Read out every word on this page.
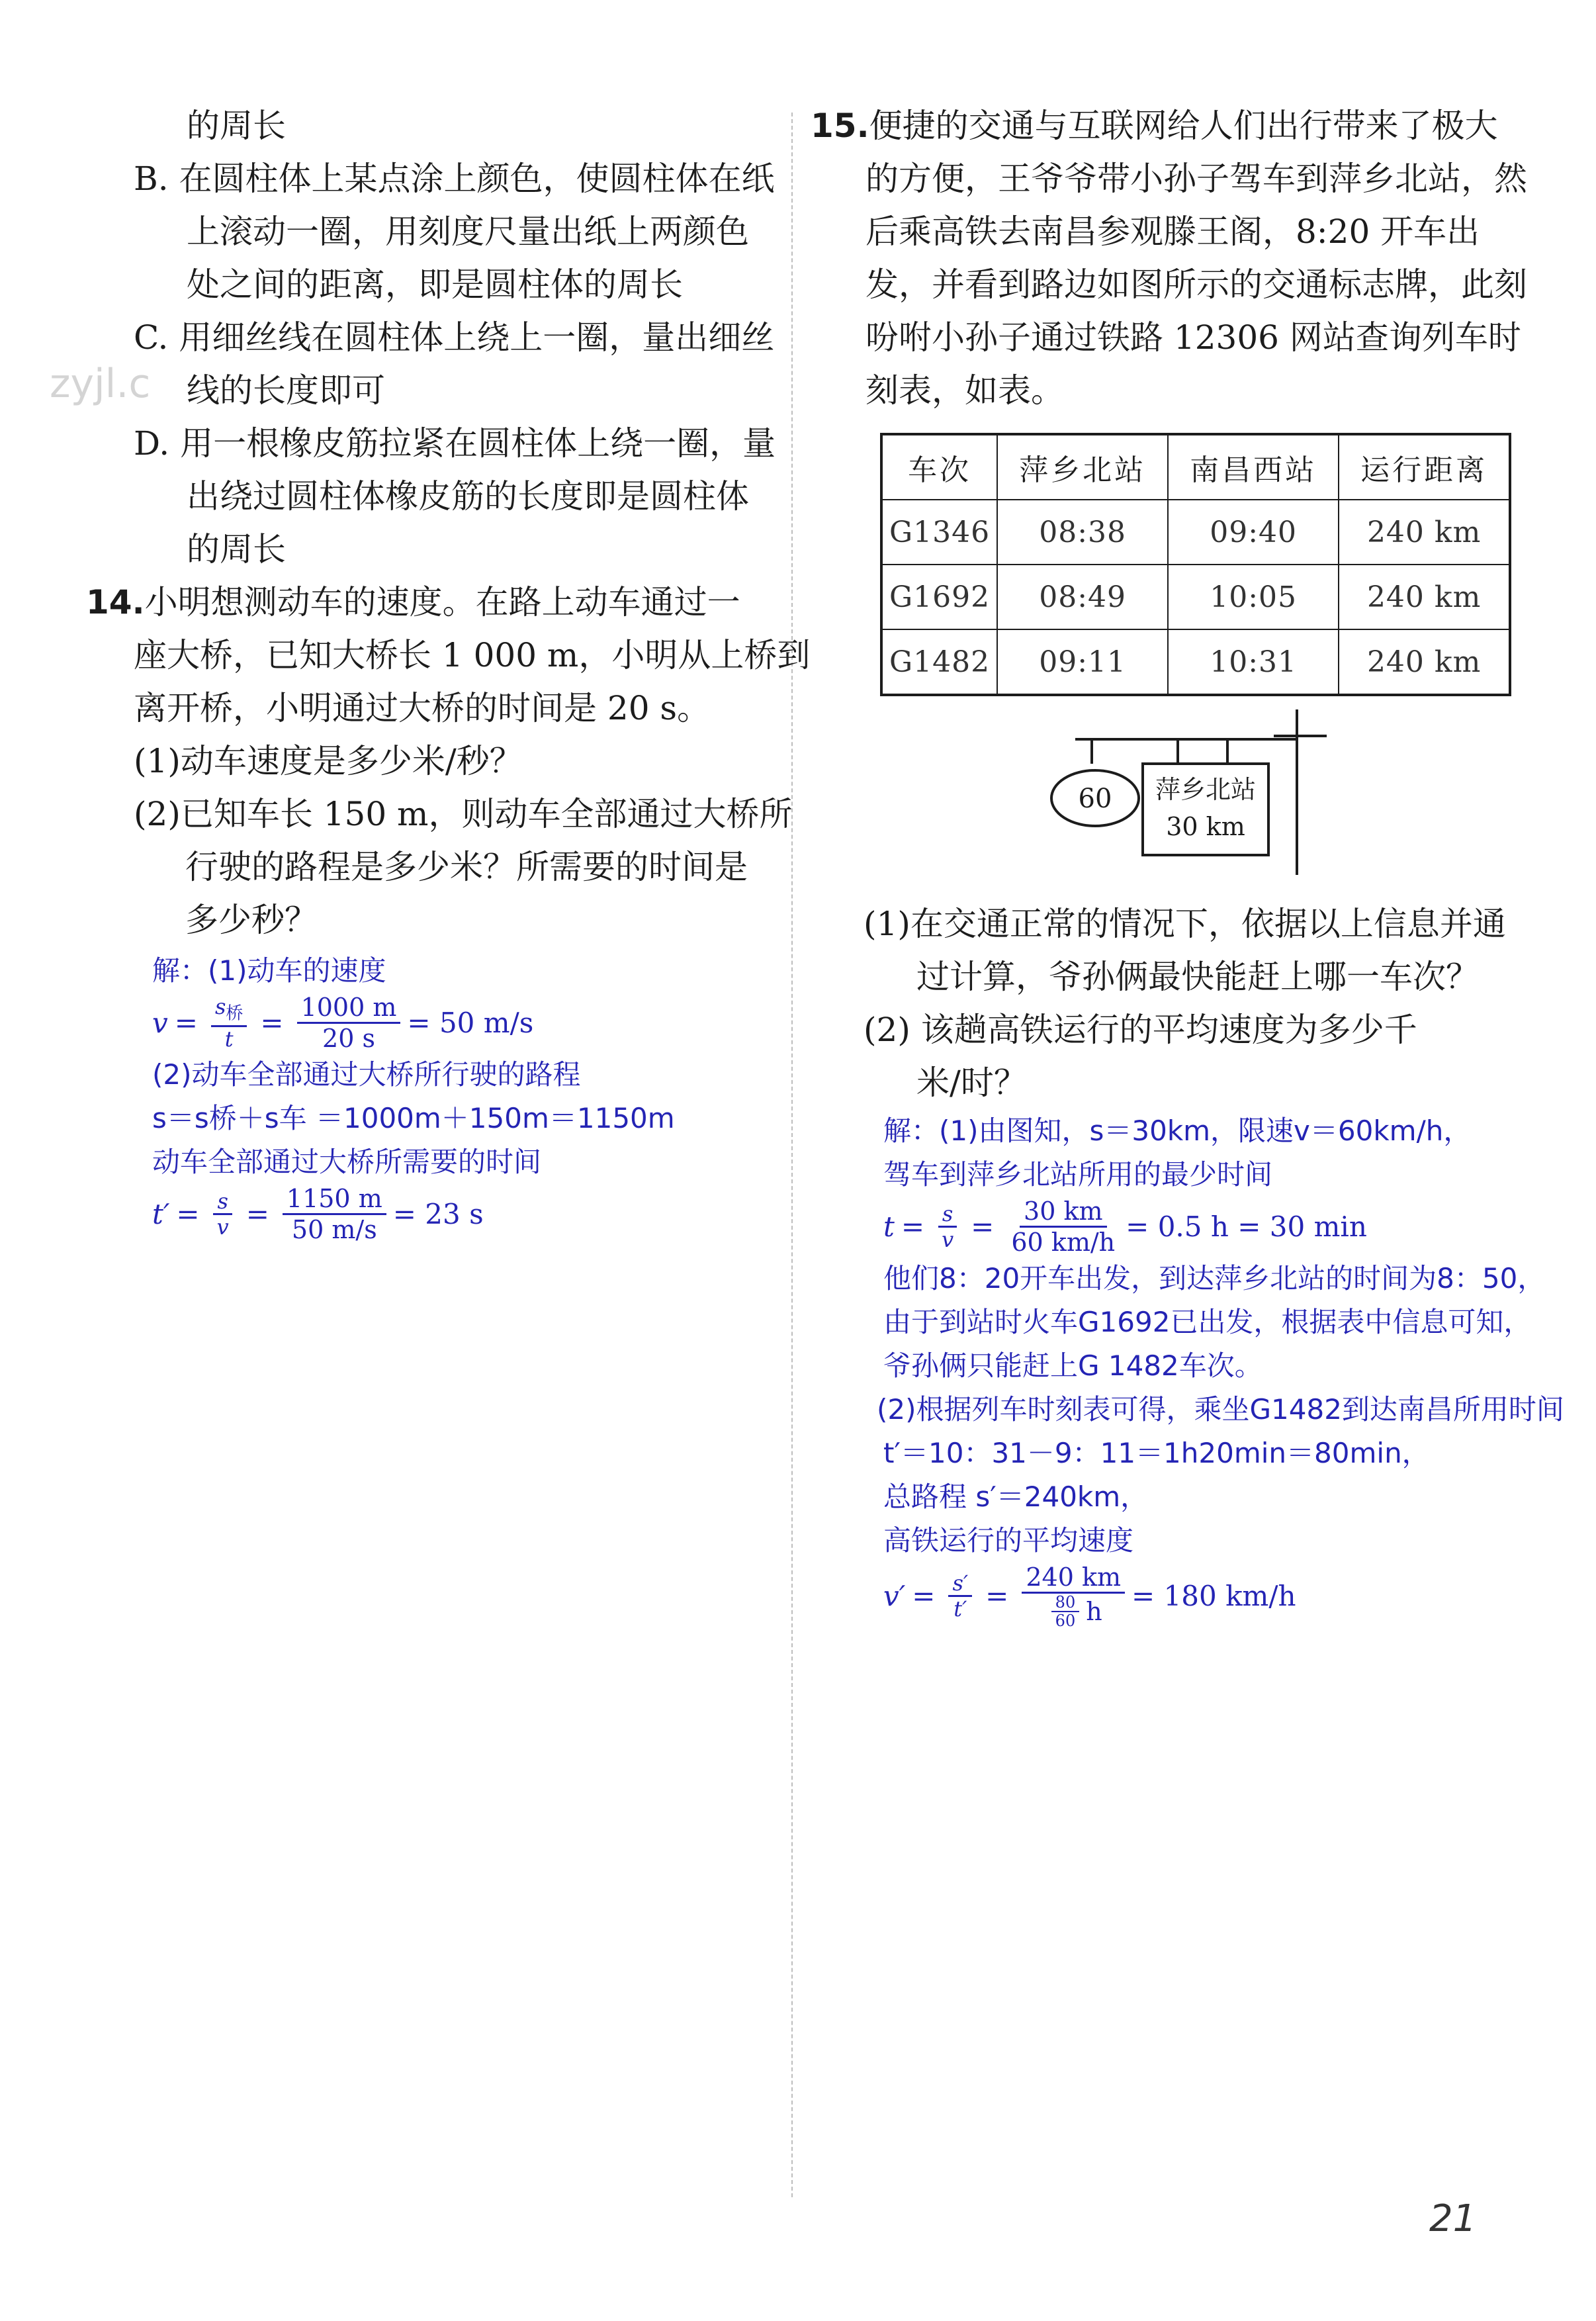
zyjl.c
的周长
B. 在圆柱体上某点涂上颜色，使圆柱体在纸
上滚动一圈，用刻度尺量出纸上两颜色
处之间的距离，即是圆柱体的周长
C. 用细丝线在圆柱体上绕上一圈，量出细丝
线的长度即可
D. 用一根橡皮筋拉紧在圆柱体上绕一圈，量
出绕过圆柱体橡皮筋的长度即是圆柱体
的周长
14.小明想测动车的速度。在路上动车通过一
座大桥，已知大桥长 1 000 m，小明从上桥到
离开桥，小明通过大桥的时间是 20 s。
(1)动车速度是多少米/秒？
(2)已知车长 150 m，则动车全部通过大桥所
行驶的路程是多少米？所需要的时间是
多少秒？
解：(1)动车的速度
$v = \frac{s_桥}{t} = \frac{1000 m}{20 s} = 50$ m/s
(2)动车全部通过大桥所行驶的路程
s＝s桥＋s车 ＝1000m＋150m＝1150m
动车全部通过大桥所需要的时间
$t' = \frac{s}{v} = \frac{1150 m}{50 m/s} = 23$ s
15.便捷的交通与互联网给人们出行带来了极大
的方便，王爷爷带小孙子驾车到萍乡北站，然
后乘高铁去南昌参观滕王阁，8:20 开车出
发，并看到路边如图所示的交通标志牌，此刻
吩咐小孙子通过铁路 12306 网站查询列车时
刻表，如表。
车次	萍乡北站	南昌西站	运行距离
G1346	08:38	09:40	240 km
G1692	08:49	10:05	240 km
G1482	09:11	10:31	240 km
60 萍乡北站
30 km
(1)在交通正常的情况下，依据以上信息并通
过计算，爷孙俩最快能赶上哪一车次？
(2) 该趟高铁运行的平均速度为多少千
米/时？
解：(1)由图知，s＝30km，限速v＝60km/h，
驾车到萍乡北站所用的最少时间
$t = \frac{s}{v} = \frac{30 km}{60 km/h} = 0.5$ h = 30 min
他们8：20开车出发，到达萍乡北站的时间为8：50，
由于到站时火车G1692已出发，根据表中信息可知，
爷孙俩只能赶上G 1482车次。
(2)根据列车时刻表可得，乘坐G1482到达南昌所用时间
t′＝10：31－9：11＝1h20min＝80min，
总路程 s′＝240km，
高铁运行的平均速度
$v' = \frac{s'}{t'} = \frac{240 km}{\frac{80}{60} h} = 180$ km/h
21
